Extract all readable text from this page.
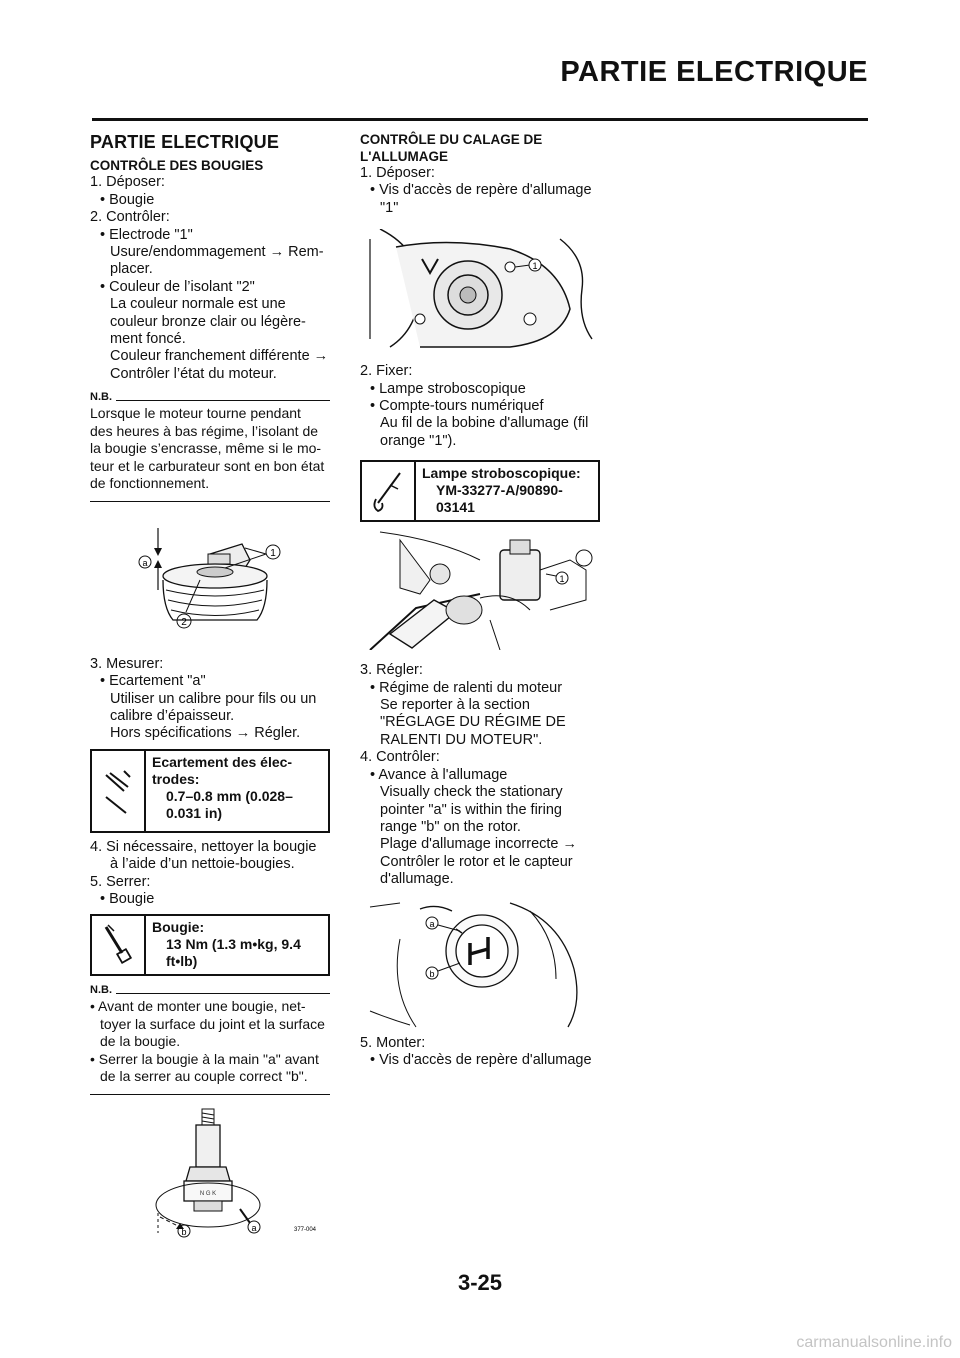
PARTIE ELECTRIQUE
PARTIE ELECTRIQUE
CONTRÔLE DES BOUGIES
1. Déposer:
• Bougie
2. Contrôler:
• Electrode "1"
Usure/endommagement → Rem-
placer.
• Couleur de l’isolant "2"
La couleur normale est une
couleur bronze clair ou légère-
ment foncé.
Couleur franchement différente →
Contrôler l’état du moteur.
N.B.
Lorsque le moteur tourne pendant
des heures à bas régime, l’isolant de
la bougie s’encrasse, même si le mo-
teur et le carburateur sont en bon état
de fonctionnement.
a
1
2
3. Mesurer:
• Ecartement "a"
Utiliser un calibre pour fils ou un
calibre d’épaisseur.
Hors spécifications → Régler.
Ecartement des élec-
trodes:
0.7–0.8 mm (0.028–
0.031 in)
4. Si nécessaire, nettoyer la bougie
à l’aide d’un nettoie-bougies.
5. Serrer:
• Bougie
Bougie:
13 Nm (1.3 m•kg, 9.4
ft•lb)
N.B.
• Avant de monter une bougie, net-
toyer la surface du joint et la surface
de la bougie.
• Serrer la bougie à la main "a" avant
de la serrer au couple correct "b".
N G K
b	a	377-004
CONTRÔLE DU CALAGE DE
L'ALLUMAGE
1. Déposer:
• Vis d'accès de repère d'allumage
"1"
1
2. Fixer:
• Lampe stroboscopique
• Compte-tours numériquef
Au fil de la bobine d'allumage (fil
orange "1").
Lampe stroboscopique:
YM-33277-A/90890-
03141
1
3. Régler:
• Régime de ralenti du moteur
Se reporter à la section
"RÉGLAGE DU RÉGIME DE
RALENTI DU MOTEUR".
4. Contrôler:
• Avance à l'allumage
Visually check the stationary
pointer "a" is within the firing
range "b" on the rotor.
Plage d'allumage incorrecte →
Contrôler le rotor et le capteur
d'allumage.
a
b
5. Monter:
• Vis d'accès de repère d'allumage
3-25
carmanualsonline.info
